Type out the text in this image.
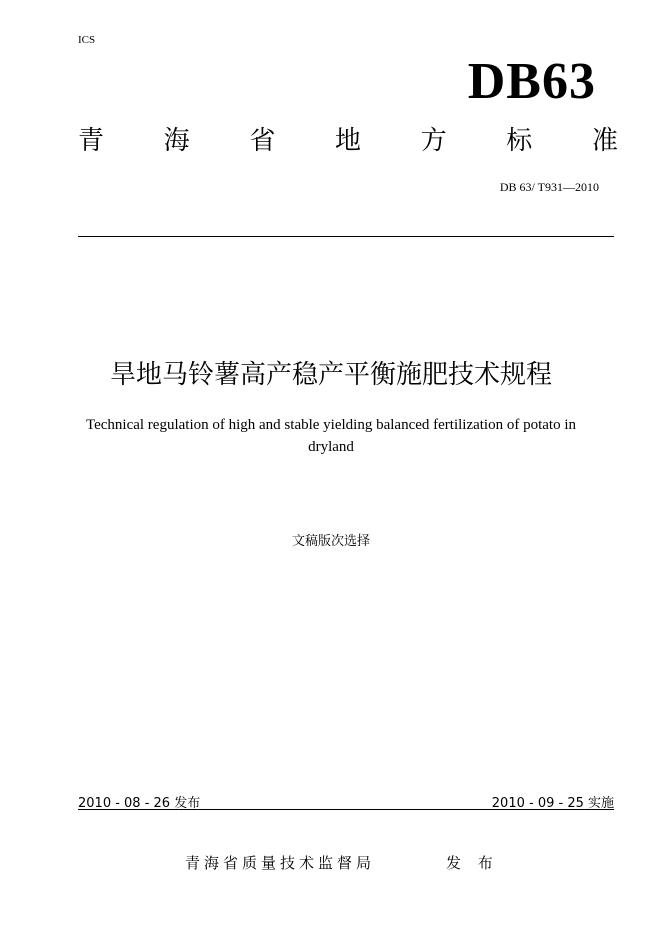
ICS
DB63
青 海 省 地 方 标 准
DB 63/ T931—2010
旱地马铃薯高产稳产平衡施肥技术规程
Technical regulation of high and stable yielding balanced fertilization of potato in dryland
文稿版次选择
2010 - 08 - 26 发布	2010 - 09 - 25 实施
青海省质量技术监督局	发 布
